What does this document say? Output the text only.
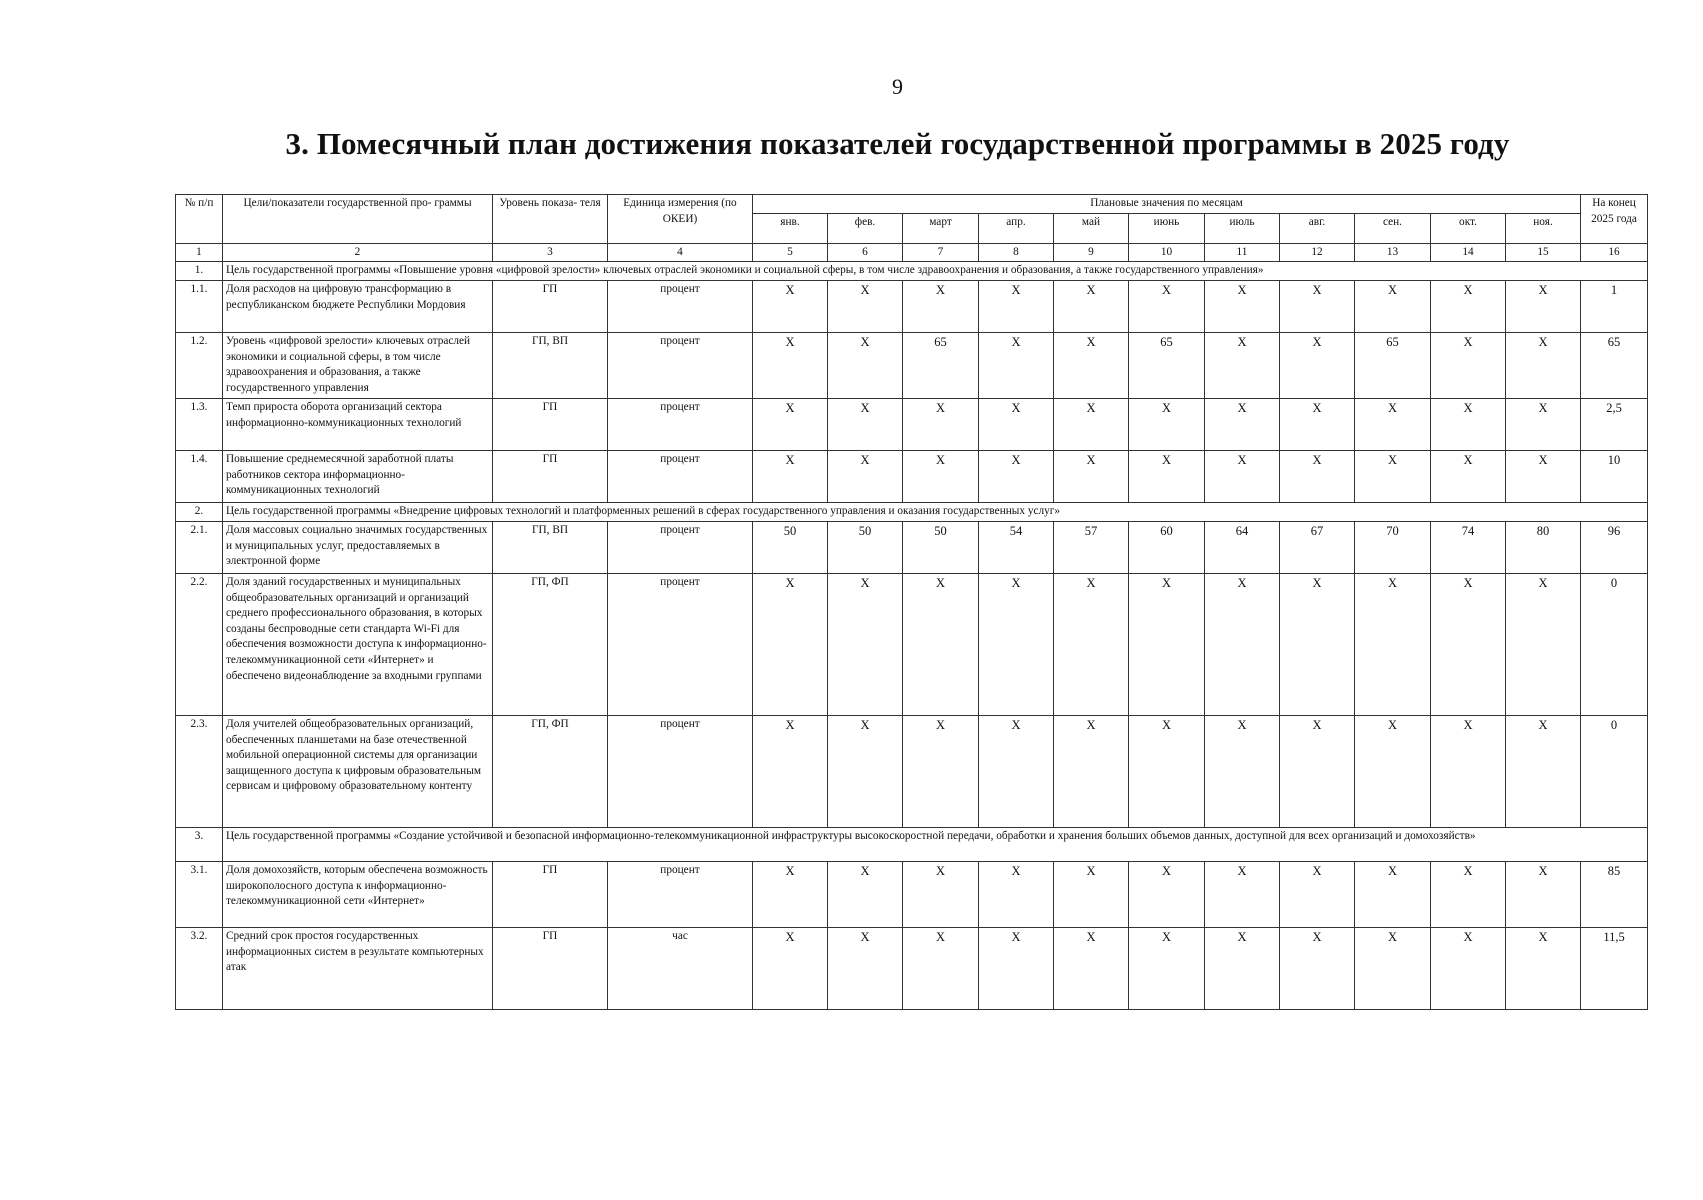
9
3. Помесячный план достижения показателей государственной программы в 2025 году
№ п/п	Цели/показатели государственной про- граммы	Уровень показа- теля	Единица измерения (по ОКЕИ)	Плановые значения по месяцам											На конец 2025 года
				янв.	фев.	март	апр.	май	июнь	июль	авг.	сен.	окт.	ноя.	
1	2	3	4	5	6	7	8	9	10	11	12	13	14	15	16
1.	Цель государственной программы «Повышение уровня «цифровой зрелости» ключевых отраслей экономики и социальной сферы, в том числе здравоохранения и образования, а также государственного управления»														
1.1.	Доля расходов на цифровую трансформацию в республиканском бюджете Республики Мордовия	ГП	процент	X	X	X	X	X	X	X	X	X	X	X	1
1.2.	Уровень «цифровой зрелости» ключевых отраслей экономики и социальной сферы, в том числе здравоохранения и образования, а также государственного управления	ГП, ВП	процент	X	X	65	X	X	65	X	X	65	X	X	65
1.3.	Темп прироста оборота организаций сектора информационно-коммуникационных технологий	ГП	процент	X	X	X	X	X	X	X	X	X	X	X	2,5
1.4.	Повышение среднемесячной заработной платы работников сектора информационно-коммуникационных технологий	ГП	процент	X	X	X	X	X	X	X	X	X	X	X	10
2.	Цель государственной программы «Внедрение цифровых технологий и платформенных решений в сферах государственного управления и оказания государственных услуг»														
2.1.	Доля массовых социально значимых государственных и муниципальных услуг, предоставляемых в электронной форме	ГП, ВП	процент	50	50	50	54	57	60	64	67	70	74	80	96
2.2.	Доля зданий государственных и муниципальных общеобразовательных организаций и организаций среднего профессионального образования, в которых созданы беспроводные сети стандарта Wi-Fi для обеспечения возможности доступа к информационно-телекоммуникационной сети «Интернет» и обеспечено видеонаблюдение за входными группами	ГП, ФП	процент	X	X	X	X	X	X	X	X	X	X	X	0
2.3.	Доля учителей общеобразовательных организаций, обеспеченных планшетами на базе отечественной мобильной операционной системы для организации защищенного доступа к цифровым образовательным сервисам и цифровому образовательному контенту	ГП, ФП	процент	X	X	X	X	X	X	X	X	X	X	X	0
3.	Цель государственной программы «Создание устойчивой и безопасной информационно-телекоммуникационной инфраструктуры высокоскоростной передачи, обработки и хранения больших объемов данных, доступной для всех организаций и домохозяйств»														
3.1.	Доля домохозяйств, которым обеспечена возможность широкополосного доступа к информационно-телекоммуникационной сети «Интернет»	ГП	процент	X	X	X	X	X	X	X	X	X	X	X	85
3.2.	Средний срок простоя государственных информационных систем в результате компьютерных атак	ГП	час	X	X	X	X	X	X	X	X	X	X	X	11,5
